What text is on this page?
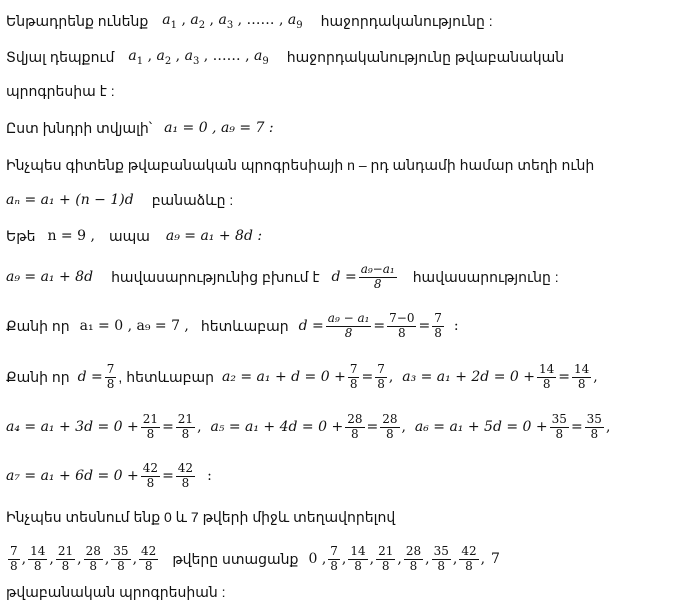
Ենթադրենք ունենք $a_1$ , $a_2$ , $a_3$ , …… , $a_9$ հաջորդականությունը :
Տվյալ դեպքում $a_1$ , $a_2$ , $a_3$ , …… , $a_9$ հաջորդականությունը թվաբանական
պրոգրեսիա է :
Ըստ խնդրի տվյալի՝ a₁ = 0 , a₉ = 7 :
Ինչպես գիտենք թվաբանական պրոգրեսիայի n – րդ անդամի համար տեղի ունի
aₙ = a₁ + (n − 1)d բանաձևը :
Եթե n = 9 , ապա a₉ = a₁ + 8d :
a₉ = a₁ + 8d հավասարությունից բխում է $d = \frac{\text{a₉−a₁}}{8}$ հավասարությունը :
Քանի որ a₁ = 0 , a₉ = 7 , հետևաբար $d = \frac{\text{a₉ − a₁}}{8} = \frac{7-0}{8} = \frac{7}{8}$ :
Քանի որ $d = \frac{7}{8}$ , հետևաբար $a_2 = a_1 + d = 0 + \frac{7}{8} = \frac{7}{8}$ , $a_3 = a_1 + 2d = 0 + \frac{14}{8} = \frac{14}{8}$ ,
$a_4 = a_1 + 3d = 0 + \frac{21}{8} = \frac{21}{8}$ , $a_5 = a_1 + 4d = 0 + \frac{28}{8} = \frac{28}{8}$ , $a_6 = a_1 + 5d = 0 + \frac{35}{8} = \frac{35}{8}$ ,
$a_7 = a_1 + 6d = 0 + \frac{42}{8} = \frac{42}{8}$ :
Ինչպես տեսնում ենք 0 և 7 թվերի միջև տեղավորելով
$\frac{7}{8}$ , $\frac{14}{8}$ , $\frac{21}{8}$ , $\frac{28}{8}$ , $\frac{35}{8}$ , $\frac{42}{8}$ թվերը ստացանք 0 , $\frac{7}{8}$ , $\frac{14}{8}$ , $\frac{21}{8}$ , $\frac{28}{8}$ , $\frac{35}{8}$ , $\frac{42}{8}$ , 7
թվաբանական պրոգրեսիան :
